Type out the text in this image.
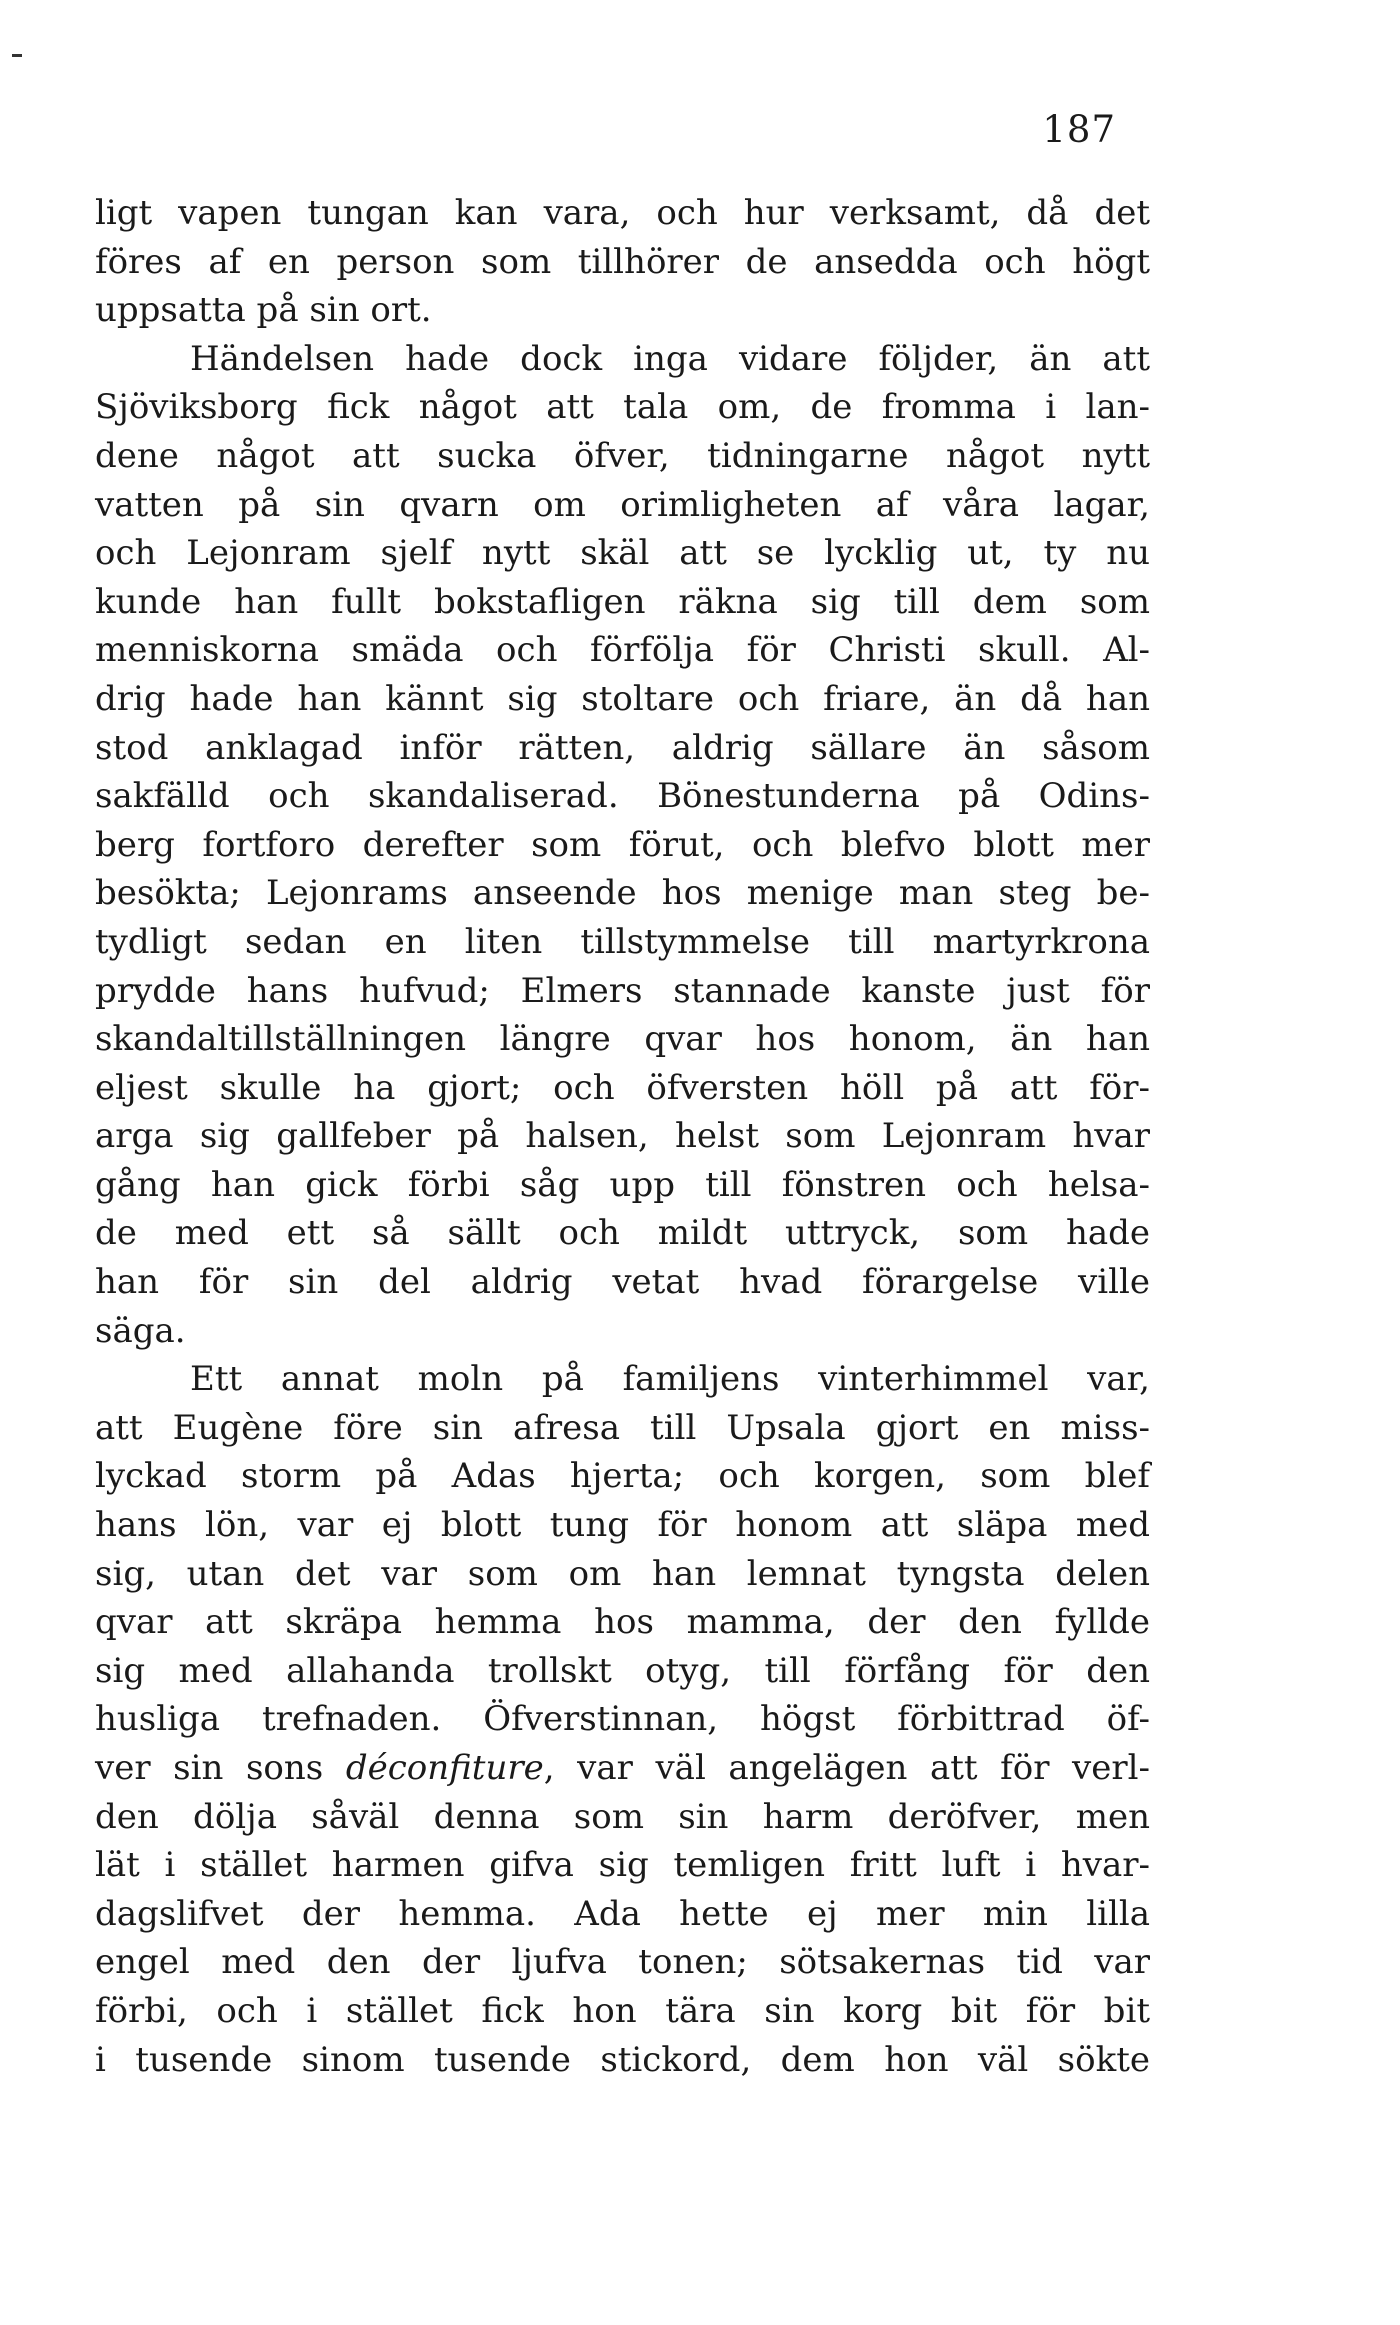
187
ligt vapen tungan kan vara, och hur verksamt, då det
föres af en person som tillhörer de ansedda och högt
uppsatta på sin ort.
Händelsen hade dock inga vidare följder, än att
Sjöviksborg fick något att tala om, de fromma i lan-
dene något att sucka öfver, tidningarne något nytt
vatten på sin qvarn om orimligheten af våra lagar,
och Lejonram sjelf nytt skäl att se lycklig ut, ty nu
kunde han fullt bokstafligen räkna sig till dem som
menniskorna smäda och förfölja för Christi skull. Al-
drig hade han kännt sig stoltare och friare, än då han
stod anklagad inför rätten, aldrig sällare än såsom
sakfälld och skandaliserad. Bönestunderna på Odins-
berg fortforo derefter som förut, och blefvo blott mer
besökta; Lejonrams anseende hos menige man steg be-
tydligt sedan en liten tillstymmelse till martyrkrona
prydde hans hufvud; Elmers stannade kanste just för
skandaltillställningen längre qvar hos honom, än han
eljest skulle ha gjort; och öfversten höll på att för-
arga sig gallfeber på halsen, helst som Lejonram hvar
gång han gick förbi såg upp till fönstren och helsa-
de med ett så sällt och mildt uttryck, som hade
han för sin del aldrig vetat hvad förargelse ville
säga.
Ett annat moln på familjens vinterhimmel var,
att Eugène före sin afresa till Upsala gjort en miss-
lyckad storm på Adas hjerta; och korgen, som blef
hans lön, var ej blott tung för honom att släpa med
sig, utan det var som om han lemnat tyngsta delen
qvar att skräpa hemma hos mamma, der den fyllde
sig med allahanda trollskt otyg, till förfång för den
husliga trefnaden. Öfverstinnan, högst förbittrad öf-
ver sin sons déconfiture, var väl angelägen att för verl-
den dölja såväl denna som sin harm deröfver, men
lät i stället harmen gifva sig temligen fritt luft i hvar-
dagslifvet der hemma. Ada hette ej mer min lilla
engel med den der ljufva tonen; sötsakernas tid var
förbi, och i stället fick hon tära sin korg bit för bit
i tusende sinom tusende stickord, dem hon väl sökte
